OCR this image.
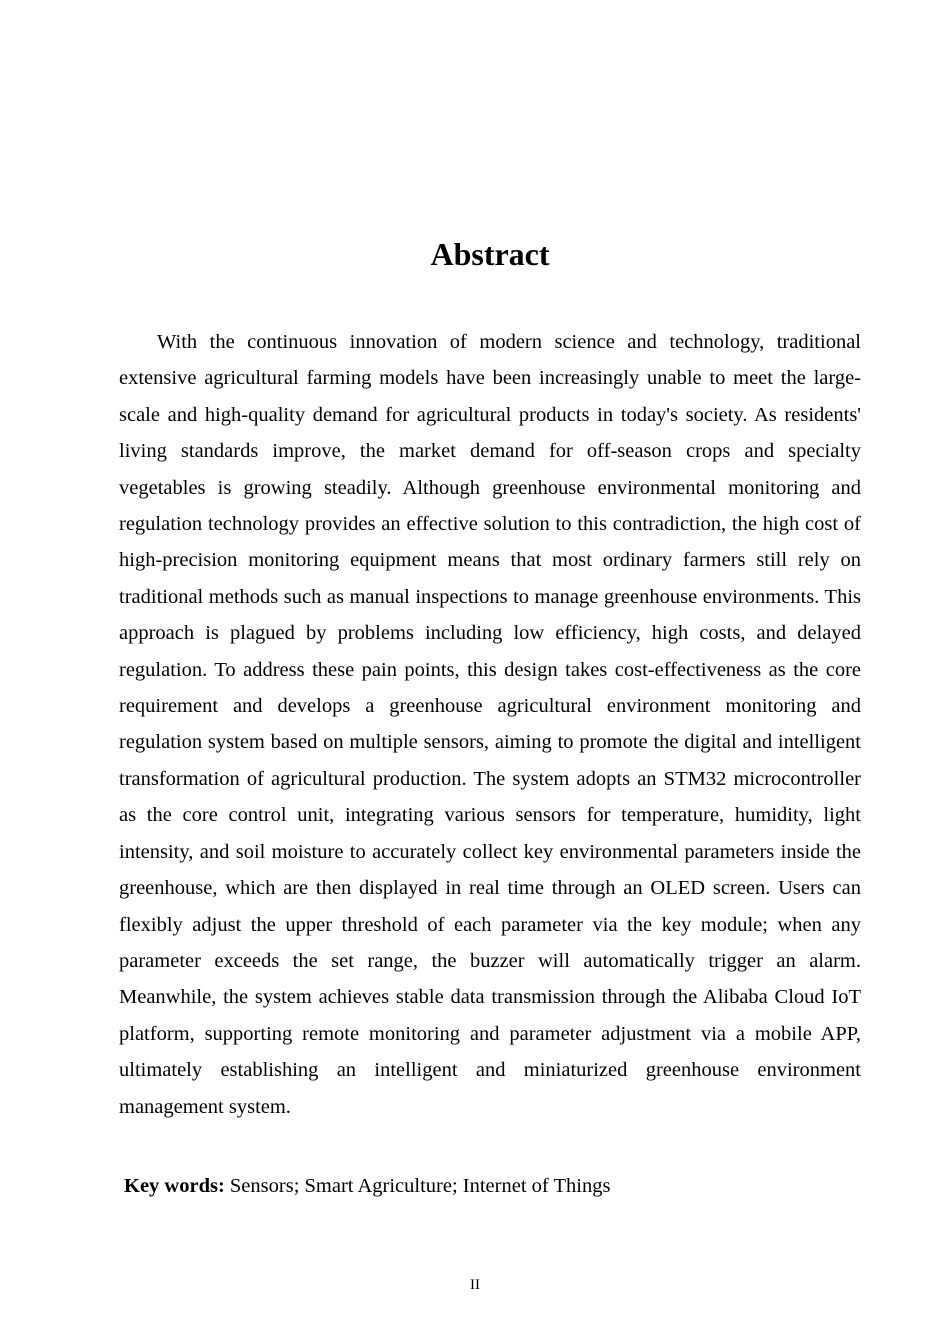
Abstract

With the continuous innovation of modern science and technology, traditional extensive agricultural farming models have been increasingly unable to meet the large-scale and high-quality demand for agricultural products in today's society. As residents' living standards improve, the market demand for off-season crops and specialty vegetables is growing steadily. Although greenhouse environmental monitoring and regulation technology provides an effective solution to this contradiction, the high cost of high-precision monitoring equipment means that most ordinary farmers still rely on traditional methods such as manual inspections to manage greenhouse environments. This approach is plagued by problems including low efficiency, high costs, and delayed regulation. To address these pain points, this design takes cost-effectiveness as the core requirement and develops a greenhouse agricultural environment monitoring and regulation system based on multiple sensors, aiming to promote the digital and intelligent transformation of agricultural production. The system adopts an STM32 microcontroller as the core control unit, integrating various sensors for temperature, humidity, light intensity, and soil moisture to accurately collect key environmental parameters inside the greenhouse, which are then displayed in real time through an OLED screen. Users can flexibly adjust the upper threshold of each parameter via the key module; when any parameter exceeds the set range, the buzzer will automatically trigger an alarm. Meanwhile, the system achieves stable data transmission through the Alibaba Cloud IoT platform, supporting remote monitoring and parameter adjustment via a mobile APP, ultimately establishing an intelligent and miniaturized greenhouse environment management system.

Key words: Sensors; Smart Agriculture; Internet of Things

II
